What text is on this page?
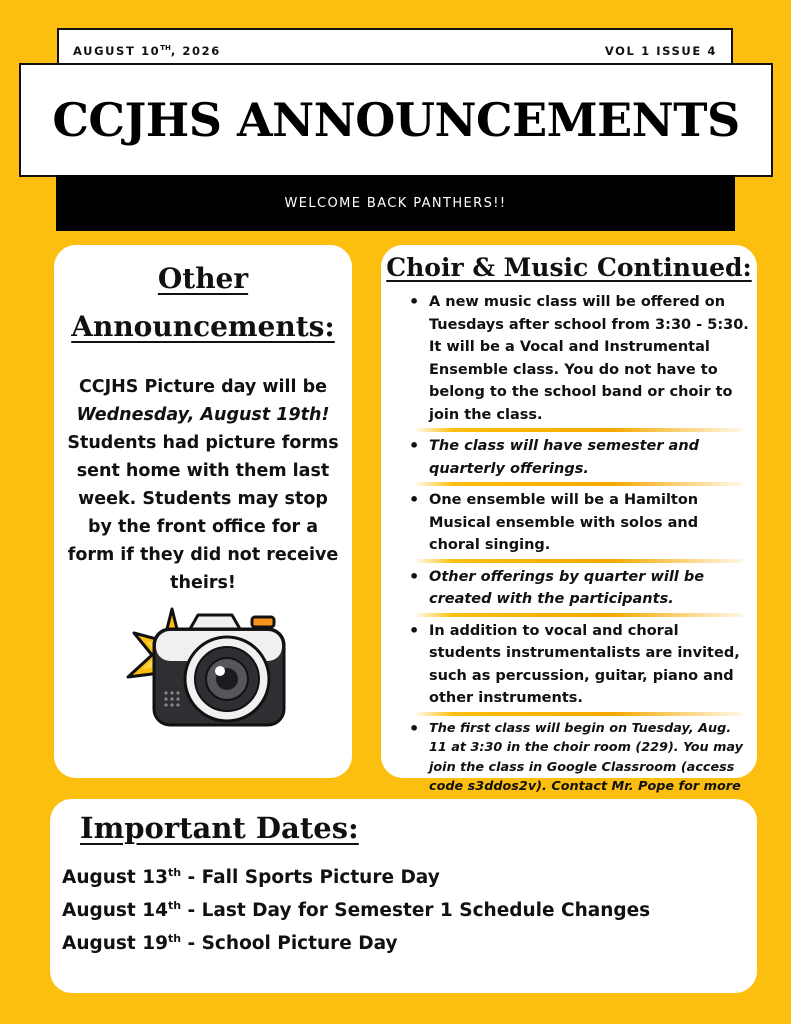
AUGUST 10TH, 2026	VOL 1 ISSUE 4
CCJHS ANNOUNCEMENTS
WELCOME BACK PANTHERS!!
Other
Announcements:
CCJHS Picture day will be
Wednesday, August 19th! Students had picture forms sent home with them last week. Students may stop by the front office for a form if they did not receive theirs!
Choir & Music Continued:
• A new music class will be offered on Tuesdays after school from 3:30 - 5:30. It will be a Vocal and Instrumental Ensemble class. You do not have to belong to the school band or choir to join the class.
• The class will have semester and quarterly offerings.
• One ensemble will be a Hamilton Musical ensemble with solos and choral singing.
• Other offerings by quarter will be created with the participants.
• In addition to vocal and choral students instrumentalists are invited, such as percussion, guitar, piano and other instruments.
• The first class will begin on Tuesday, Aug. 11 at 3:30 in the choir room (229). You may join the class in Google Classroom (access code s3ddos2v). Contact Mr. Pope for more
Important Dates:
August 13th - Fall Sports Picture Day
August 14th - Last Day for Semester 1 Schedule Changes
August 19th - School Picture Day
